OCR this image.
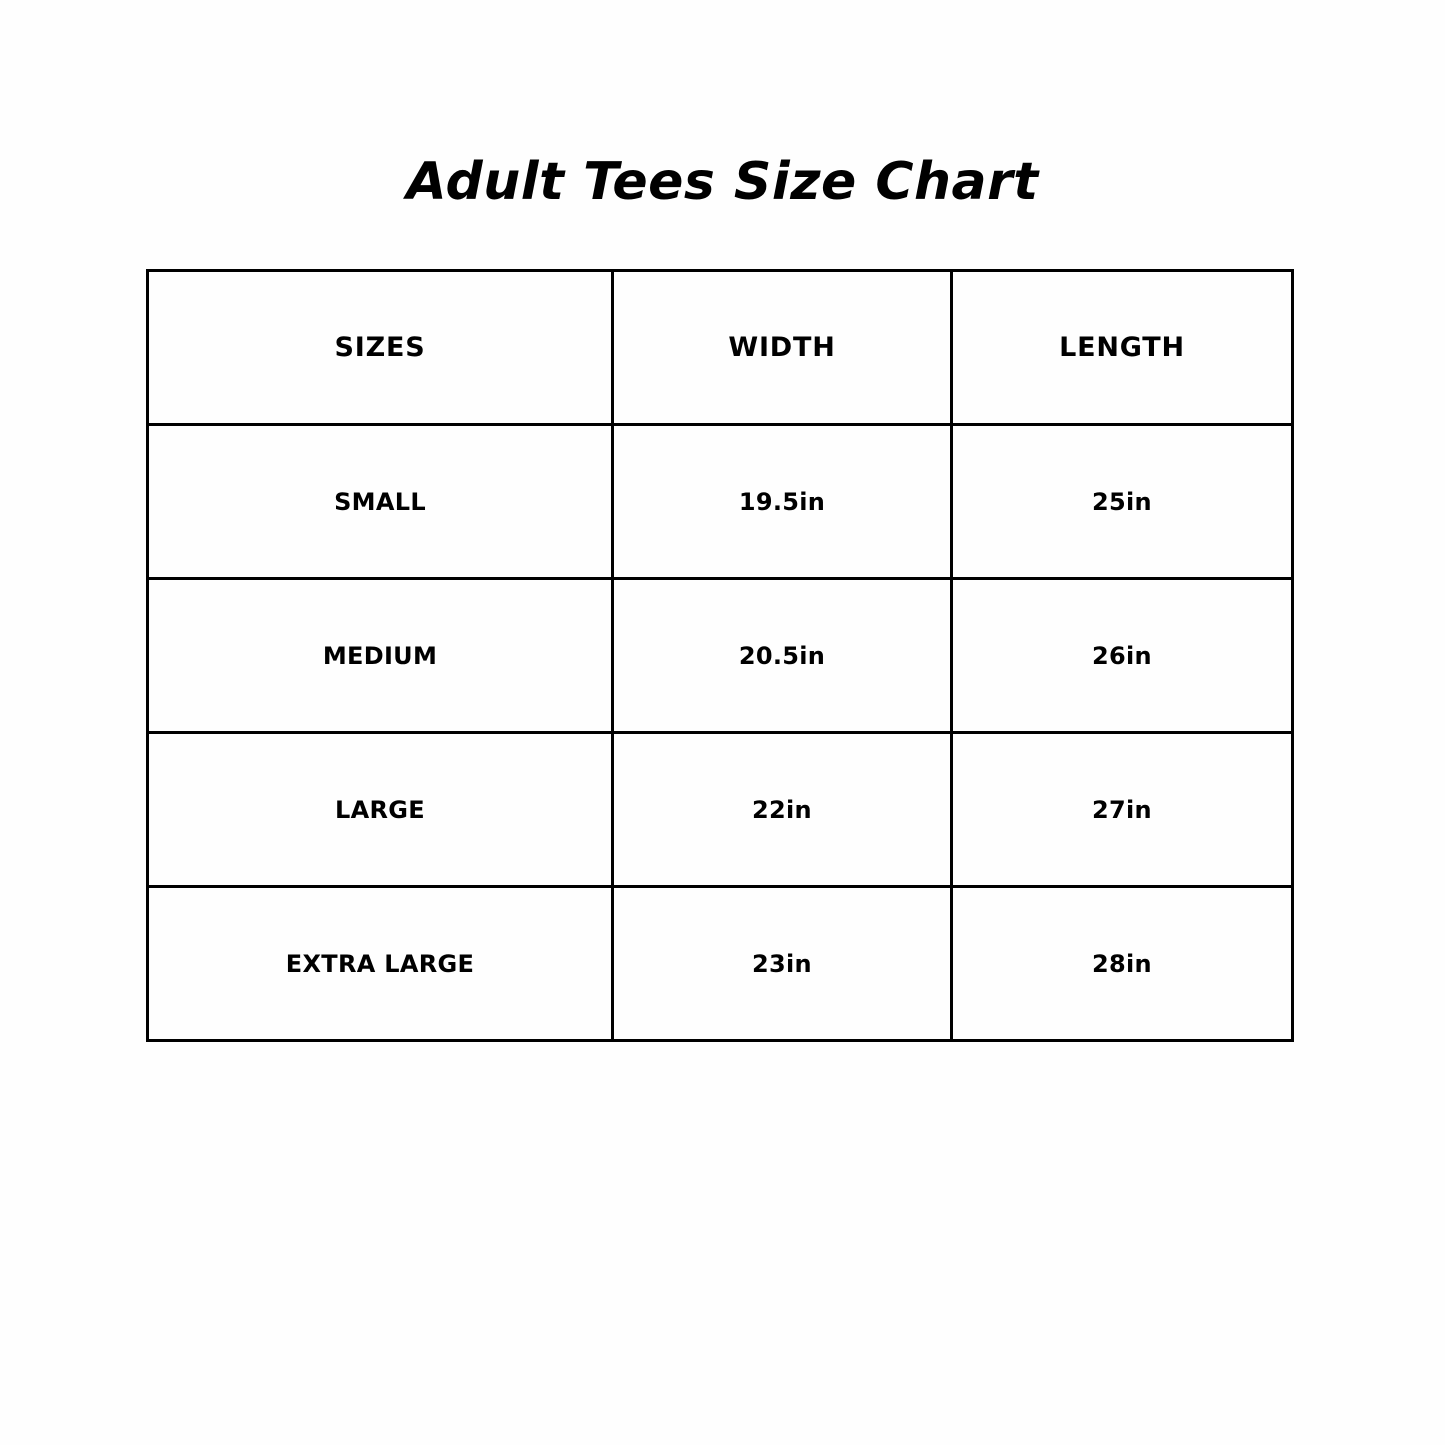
Adult Tees Size Chart
SIZES	WIDTH	LENGTH
SMALL	19.5in	25in
MEDIUM	20.5in	26in
LARGE	22in	27in
EXTRA LARGE	23in	28in
